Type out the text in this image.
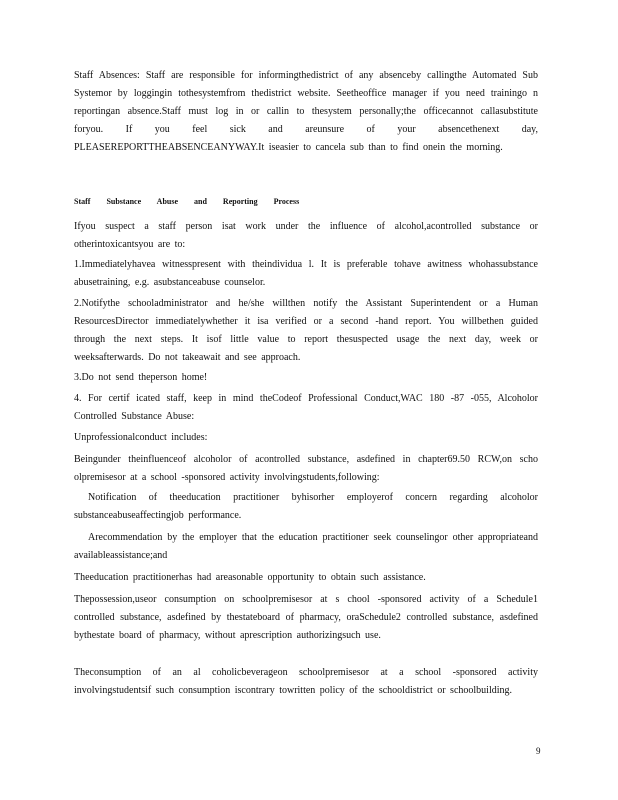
Staff Absences: Staff are responsible for informingthedistrict of any absenceby callingthe Automated Sub Systemor by loggingin tothesystemfrom thedistrict website. Seetheoffice manager if you need trainingo n reportingan absence.Staff must log in or callin to thesystem personally;the officecannot callasubstitute foryou. If you feel sick and areunsure of your absencethenext day, PLEASEREPORTTHEABSENCEANYWAY.It iseasier to cancela sub than to find onein the morning.
Staff Substance Abuse and Reporting Process
Ifyou suspect a staff person isat work under the influence of alcohol,acontrolled substance or otherintoxicantsyou are to:
1.Immediatelyhavea witnesspresent with theindividua l. It is preferable tohave awitness whohassubstance abusetraining, e.g. asubstanceabuse counselor.
2.Notifythe schooladministrator and he/she willthen notify the Assistant Superintendent or a Human ResourcesDirector immediatelywhether it isa verified or a second -hand report. You willbethen guided through the next steps. It isof little value to report thesuspected usage the next day, week or weeksafterwards. Do not takeawait and see approach.
3.Do not send theperson home!
4. For certif icated staff, keep in mind theCodeof Professional Conduct,WAC 180 -87 -055, Alcoholor Controlled Substance Abuse:
Unprofessionalconduct includes:
Beingunder theinfluenceof alcoholor of acontrolled substance, asdefined in chapter69.50 RCW,on scho olpremisesor at a school -sponsored activity involvingstudents,following:
Notification of theeducation practitioner byhisorher employerof concern regarding alcoholor substanceabuseaffectingjob performance.
Arecommendation by the employer that the education practitioner seek counselingor other appropriateand availableassistance;and
Theeducation practitionerhas had areasonable opportunity to obtain such assistance.
Thepossession,useor consumption on schoolpremisesor at s chool -sponsored activity of a Schedule1 controlled substance, asdefined by thestateboard of pharmacy, oraSchedule2 controlled substance, asdefined bythestate board of pharmacy, without aprescription authorizingsuch use.
Theconsumption of an al coholicbeverageon schoolpremisesor at a school -sponsored activity involvingstudentsif such consumption iscontrary towritten policy of the schooldistrict or schoolbuilding.
9
